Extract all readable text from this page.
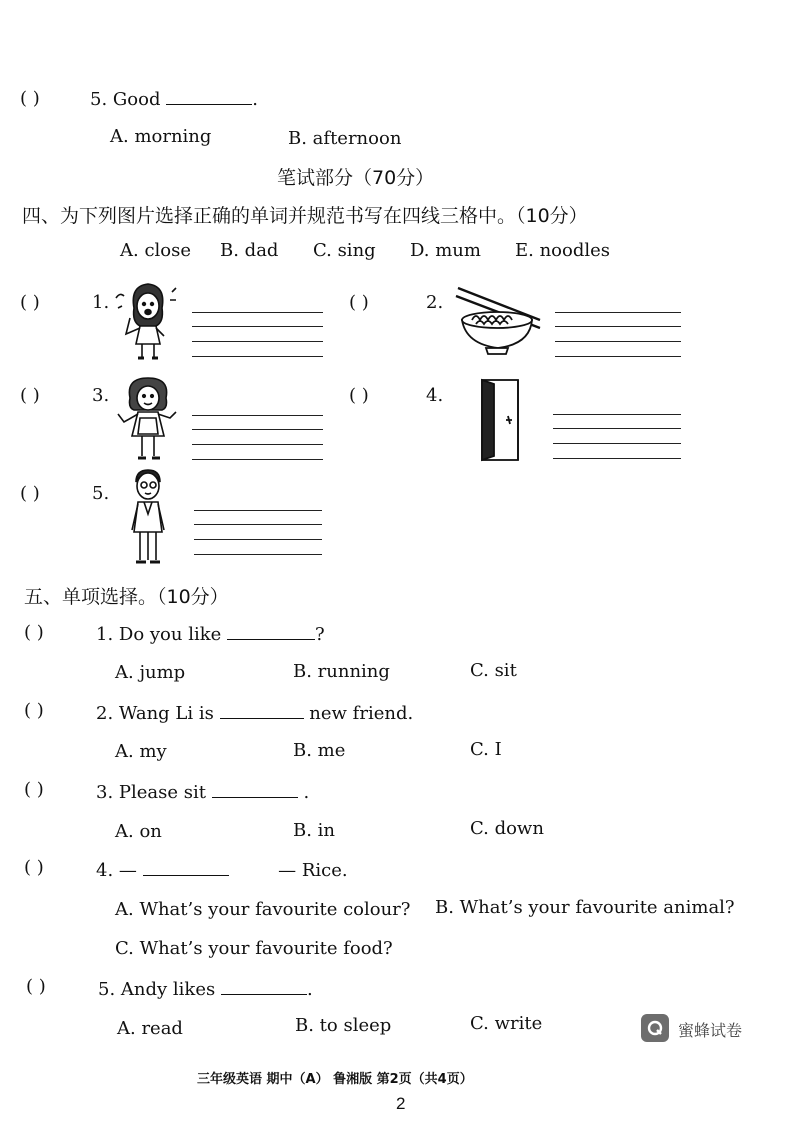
( )	5. Good	.
A. morning	B. afternoon
笔试部分（70分）
四、为下列图片选择正确的单词并规范书写在四线三格中。（10分）
A. close B. dad C. sing D. mum E. noodles
( )	1.	( )	2.
( )	3.	( )	4.
( )	5.
五、单项选择。（10分）
( )	1. Do you like	?
A. jump	B. running	C. sit
( )	2. Wang Li is	new friend.
A. my	B. me	C. I
( )	3. Please sit	.
A. on	B. in	C. down
( )	4. —	— Rice.
A. What’s your favourite colour? B. What’s your favourite animal?
C. What’s your favourite food?
( )	5. Andy likes	.
A. read	B. to sleep	C. write	蜜蜂试卷
三年级英语 期中（A） 鲁湘版 第2页（共4页）
2
